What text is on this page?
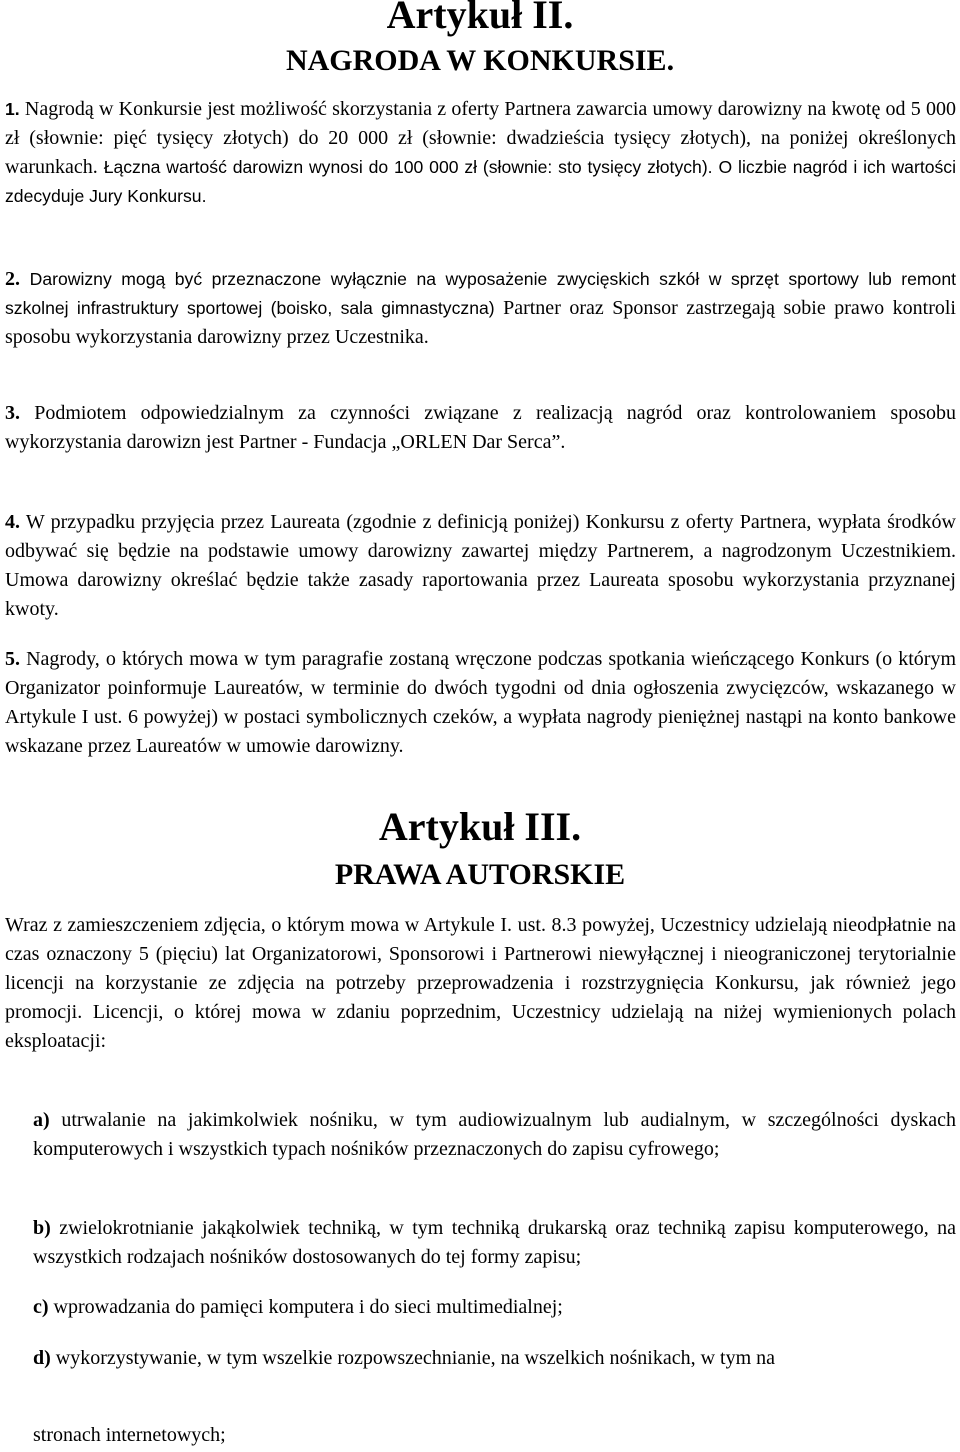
Artykuł II.
NAGRODA W KONKURSIE.

1. Nagrodą w Konkursie jest możliwość skorzystania z oferty Partnera zawarcia umowy darowizny na kwotę od 5 000 zł (słownie: pięć tysięcy złotych) do 20 000 zł (słownie: dwadzieścia tysięcy złotych), na poniżej określonych warunkach. Łączna wartość darowizn wynosi do 100 000 zł (słownie: sto tysięcy złotych). O liczbie nagród i ich wartości zdecyduje Jury Konkursu.

2. Darowizny mogą być przeznaczone wyłącznie na wyposażenie zwycięskich szkół w sprzęt sportowy lub remont szkolnej infrastruktury sportowej (boisko, sala gimnastyczna) Partner oraz Sponsor zastrzegają sobie prawo kontroli sposobu wykorzystania darowizny przez Uczestnika.

3. Podmiotem odpowiedzialnym za czynności związane z realizacją nagród oraz kontrolowaniem sposobu wykorzystania darowizn jest Partner - Fundacja „ORLEN Dar Serca”.

4. W przypadku przyjęcia przez Laureata (zgodnie z definicją poniżej) Konkursu z oferty Partnera, wypłata środków odbywać się będzie na podstawie umowy darowizny zawartej między Partnerem, a nagrodzonym Uczestnikiem. Umowa darowizny określać będzie także zasady raportowania przez Laureata sposobu wykorzystania przyznanej kwoty.

5. Nagrody, o których mowa w tym paragrafie zostaną wręczone podczas spotkania wieńczącego Konkurs (o którym Organizator poinformuje Laureatów, w terminie do dwóch tygodni od dnia ogłoszenia zwycięzców, wskazanego w Artykule I ust. 6 powyżej) w postaci symbolicznych czeków, a wypłata nagrody pieniężnej nastąpi na konto bankowe wskazane przez Laureatów w umowie darowizny.

Artykuł III.
PRAWA AUTORSKIE

Wraz z zamieszczeniem zdjęcia, o którym mowa w Artykule I. ust. 8.3 powyżej, Uczestnicy udzielają nieodpłatnie na czas oznaczony 5 (pięciu) lat Organizatorowi, Sponsorowi i Partnerowi niewyłącznej i nieograniczonej terytorialnie licencji na korzystanie ze zdjęcia na potrzeby przeprowadzenia i rozstrzygnięcia Konkursu, jak również jego promocji. Licencji, o której mowa w zdaniu poprzednim, Uczestnicy udzielają na niżej wymienionych polach eksploatacji:

a) utrwalanie na jakimkolwiek nośniku, w tym audiowizualnym lub audialnym, w szczególności dyskach komputerowych i wszystkich typach nośników przeznaczonych do zapisu cyfrowego;

b) zwielokrotnianie jakąkolwiek techniką, w tym techniką drukarską oraz techniką zapisu komputerowego, na wszystkich rodzajach nośników dostosowanych do tej formy zapisu;

c) wprowadzania do pamięci komputera i do sieci multimedialnej;

d) wykorzystywanie, w tym wszelkie rozpowszechnianie, na wszelkich nośnikach, w tym na

stronach internetowych;
